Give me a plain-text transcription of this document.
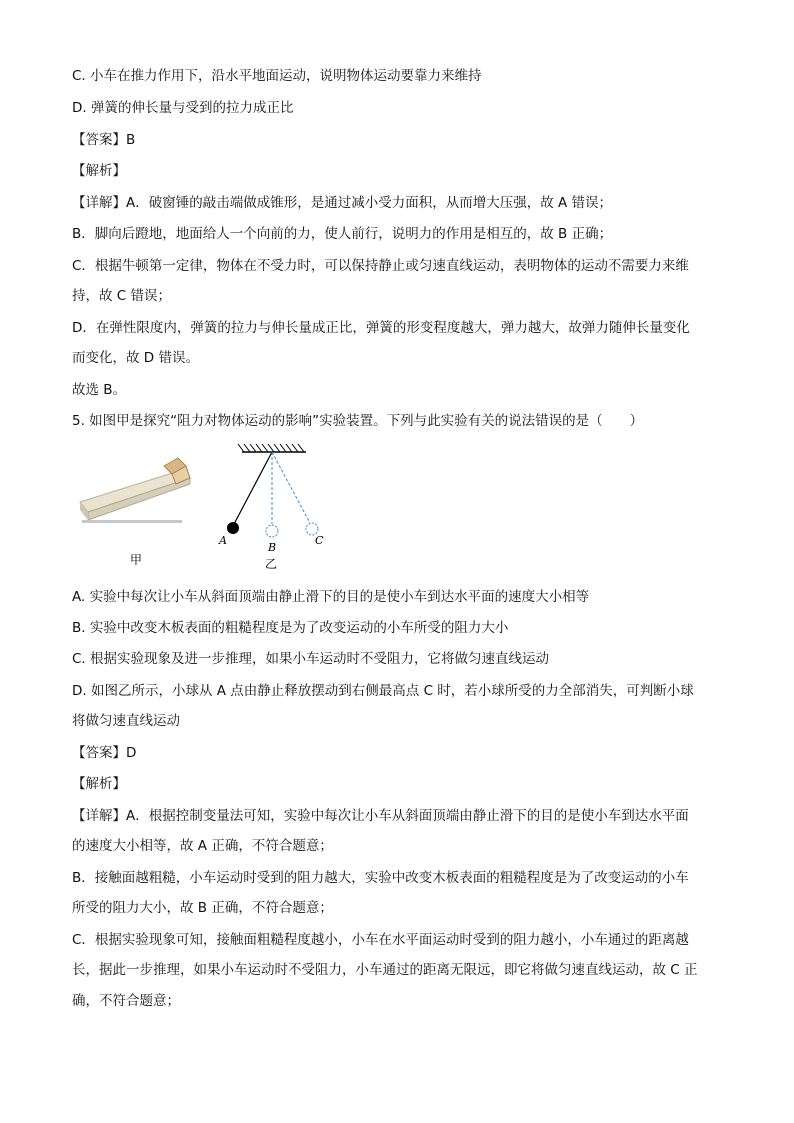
C. 小车在推力作用下，沿水平地面运动，说明物体运动要靠力来维持
D. 弹簧的伸长量与受到的拉力成正比
【答案】B
【解析】
【详解】A．破窗锤的敲击端做成锥形，是通过减小受力面积，从而增大压强，故 A 错误；
B．脚向后蹬地，地面给人一个向前的力，使人前行，说明力的作用是相互的，故 B 正确；
C．根据牛顿第一定律，物体在不受力时，可以保持静止或匀速直线运动，表明物体的运动不需要力来维
持，故 C 错误；
D．在弹性限度内，弹簧的拉力与伸长量成正比，弹簧的形变程度越大，弹力越大，故弹力随伸长量变化
而变化，故 D 错误。
故选 B。
5. 如图甲是探究“阻力对物体运动的影响”实验装置。下列与此实验有关的说法错误的是（　　）
甲
A
B
C
乙
A. 实验中每次让小车从斜面顶端由静止滑下的目的是使小车到达水平面的速度大小相等
B. 实验中改变木板表面的粗糙程度是为了改变运动的小车所受的阻力大小
C. 根据实验现象及进一步推理，如果小车运动时不受阻力，它将做匀速直线运动
D. 如图乙所示，小球从 A 点由静止释放摆动到右侧最高点 C 时，若小球所受的力全部消失，可判断小球
将做匀速直线运动
【答案】D
【解析】
【详解】A．根据控制变量法可知，实验中每次让小车从斜面顶端由静止滑下的目的是使小车到达水平面
的速度大小相等，故 A 正确，不符合题意；
B．接触面越粗糙，小车运动时受到的阻力越大，实验中改变木板表面的粗糙程度是为了改变运动的小车
所受的阻力大小，故 B 正确，不符合题意；
C．根据实验现象可知，接触面粗糙程度越小，小车在水平面运动时受到的阻力越小，小车通过的距离越
长，据此一步推理，如果小车运动时不受阻力，小车通过的距离无限远，即它将做匀速直线运动，故 C 正
确，不符合题意；
